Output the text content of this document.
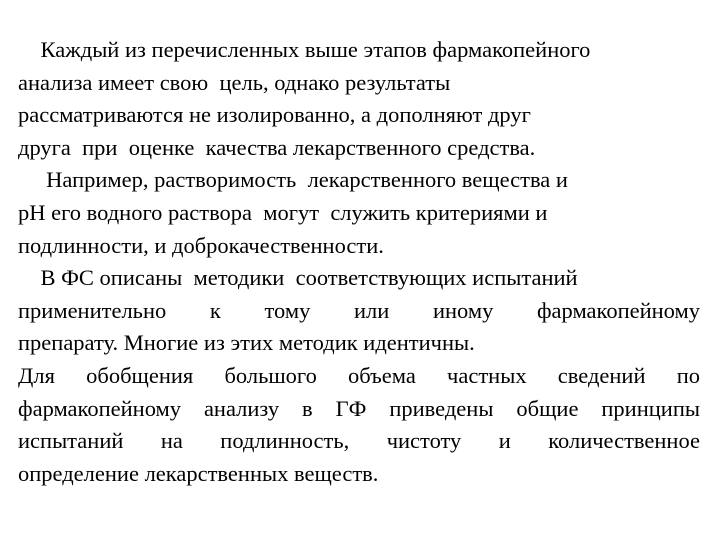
Каждый из перечисленных выше этапов фармакопейного
анализа имеет свою  цель, однако результаты
рассматриваются не изолированно, а дополняют друг
друга  при  оценке  качества лекарственного средства.
Например, растворимость  лекарственного вещества и
pH его водного раствора  могут  служить критериями и
подлинности, и доброкачественности.
В ФС описаны  методики  соответствующих испытаний
применительно к тому или иному фармакопейному
препарату. Многие из этих методик идентичны.
Для обобщения большого объема частных сведений по
фармакопейному анализу в ГФ приведены общие принципы
испытаний на подлинность, чистоту и количественное
определение лекарственных веществ.
